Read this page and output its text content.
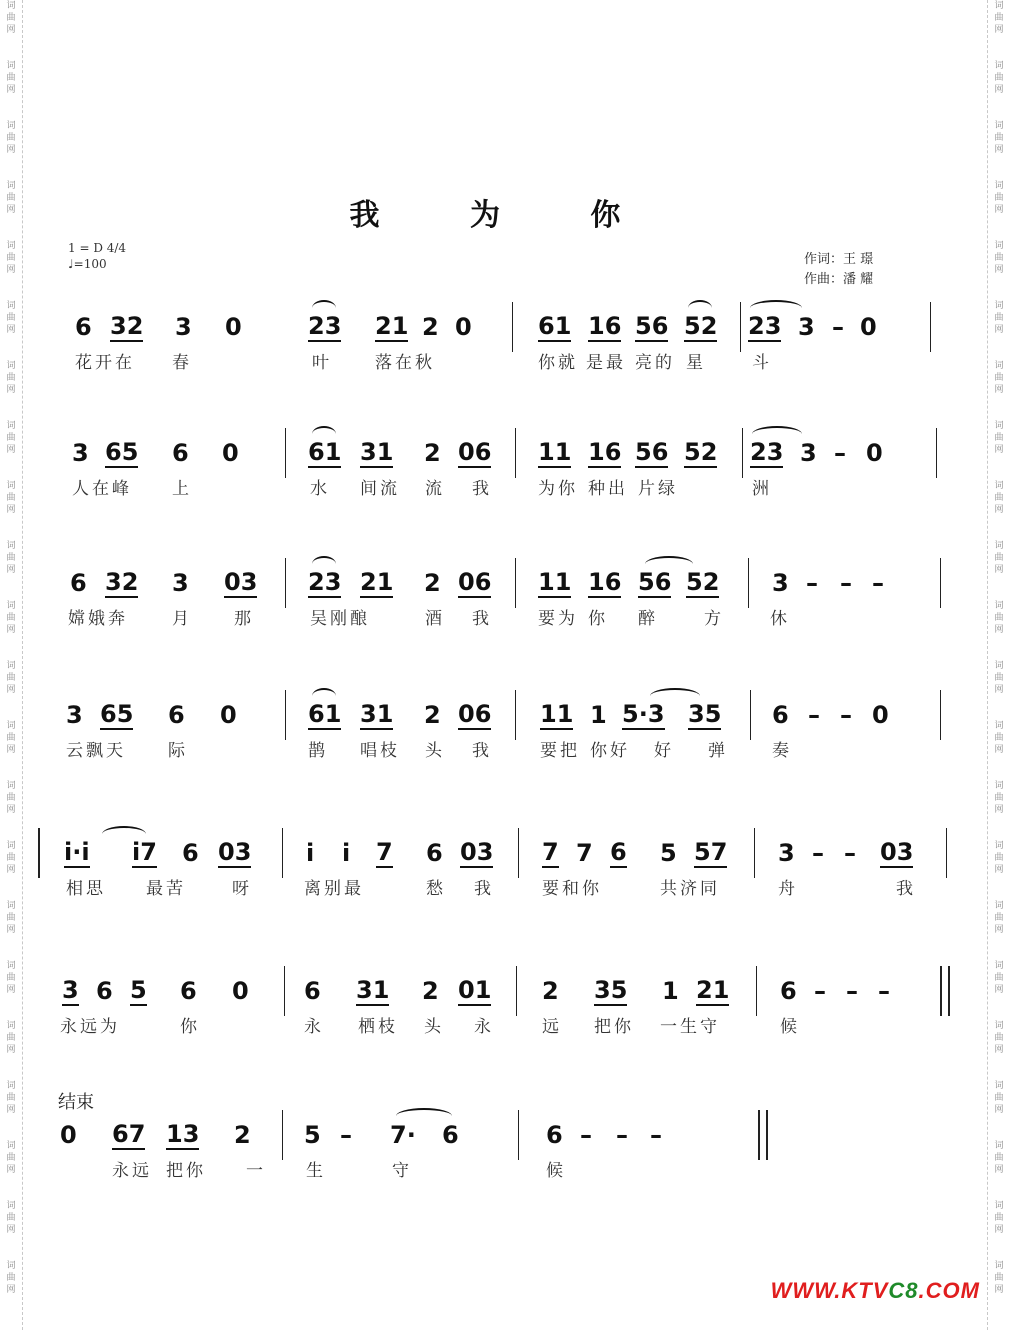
词
曲
网
词
曲
网
词
曲
网
词
曲
网
词
曲
网
词
曲
网
词
曲
网
词
曲
网
词
曲
网
词
曲
网
词
曲
网
词
曲
网
词
曲
网
词
曲
网
词
曲
网
词
曲
网
词
曲
网
词
曲
网
词
曲
网
词
曲
网
词
曲
网
词
曲
网
词
曲
网
词
曲
网
词
曲
网
词
曲
网
词
曲
网
词
曲
网
词
曲
网
词
曲
网
词
曲
网
词
曲
网
词
曲
网
词
曲
网
词
曲
网
词
曲
网
词
曲
网
词
曲
网
词
曲
网
词
曲
网
词
曲
网
词
曲
网
词
曲
网
词
曲
网
我 为 你
1 = D 4/4
♩=100	作词：王 璟
作曲：潘 耀
6 32 3 0	23 21 2 0	61 16 56 52 23 3 – 0
花开在 春	叶	落在秋	你就 是最 亮的 星	斗
3 65 6 0	61 31 2 06 11 16 56 52 23 3 – 0
人在峰 上	水 间流 流 我	为你 种出 片绿	洲
6 32 3 03 23 21 2 06 11 16 56 52 3 – – –
嫦娥奔	月 那	吴刚酿	酒 我	要为 你 醉	方	休
3 65 6 0	61 31 2 06 11 1 5·3 35 6 – – 0
云飘天 际	鹊 唱枝 头 我	要把 你好 好 弹	奏
i·i i7 6 03 i i 7 6 03 7 7 6 5 57 3 – – 03
相思 最苦	呀	离别最	愁 我	要和你	共济同	舟	我
3 6 5 6 0 6 31 2 01 2 35 1 21 6 – – –
永远为	你	永 栖枝 头 永	远 把你 一生守	候
结束
0 67 13 2 5 – 7· 6	6 – – –
永远 把你 一 生	守	候
WWW.KTVC8.COM
